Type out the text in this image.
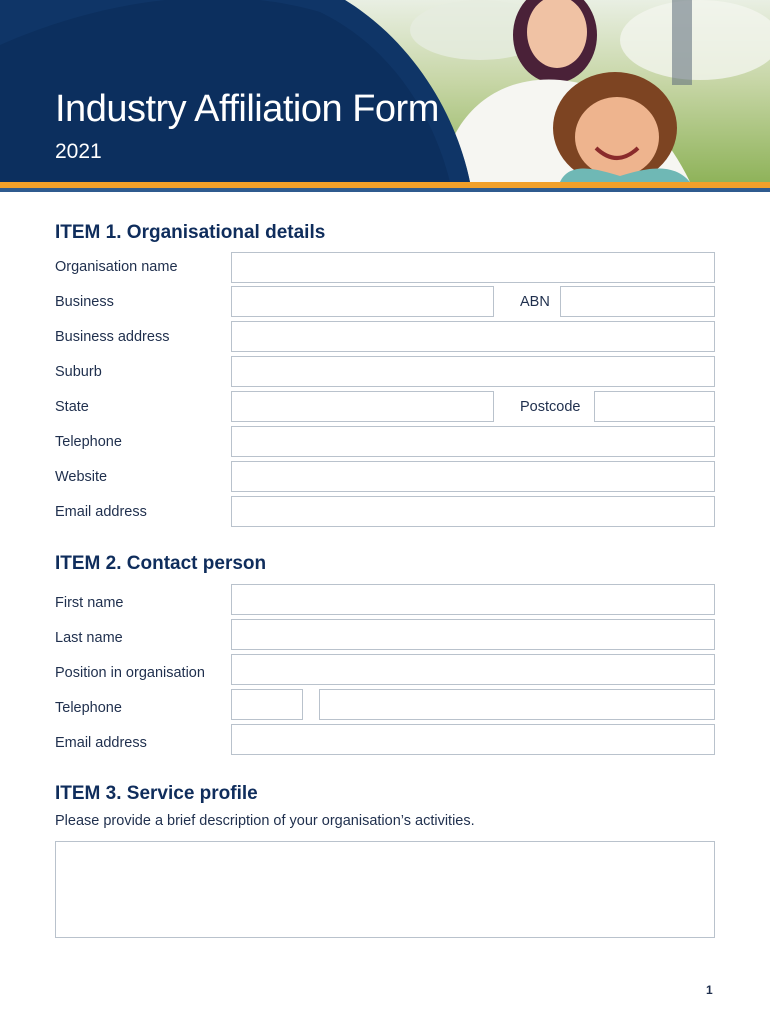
Industry Affiliation Form
2021
ITEM 1. Organisational details
Organisation name
Business	ABN
Business address
Suburb
State	Postcode
Telephone
Website
Email address
ITEM 2. Contact person
First name
Last name
Position in organisation
Telephone
Email address
ITEM 3. Service profile
Please provide a brief description of your organisation’s activities.
1
